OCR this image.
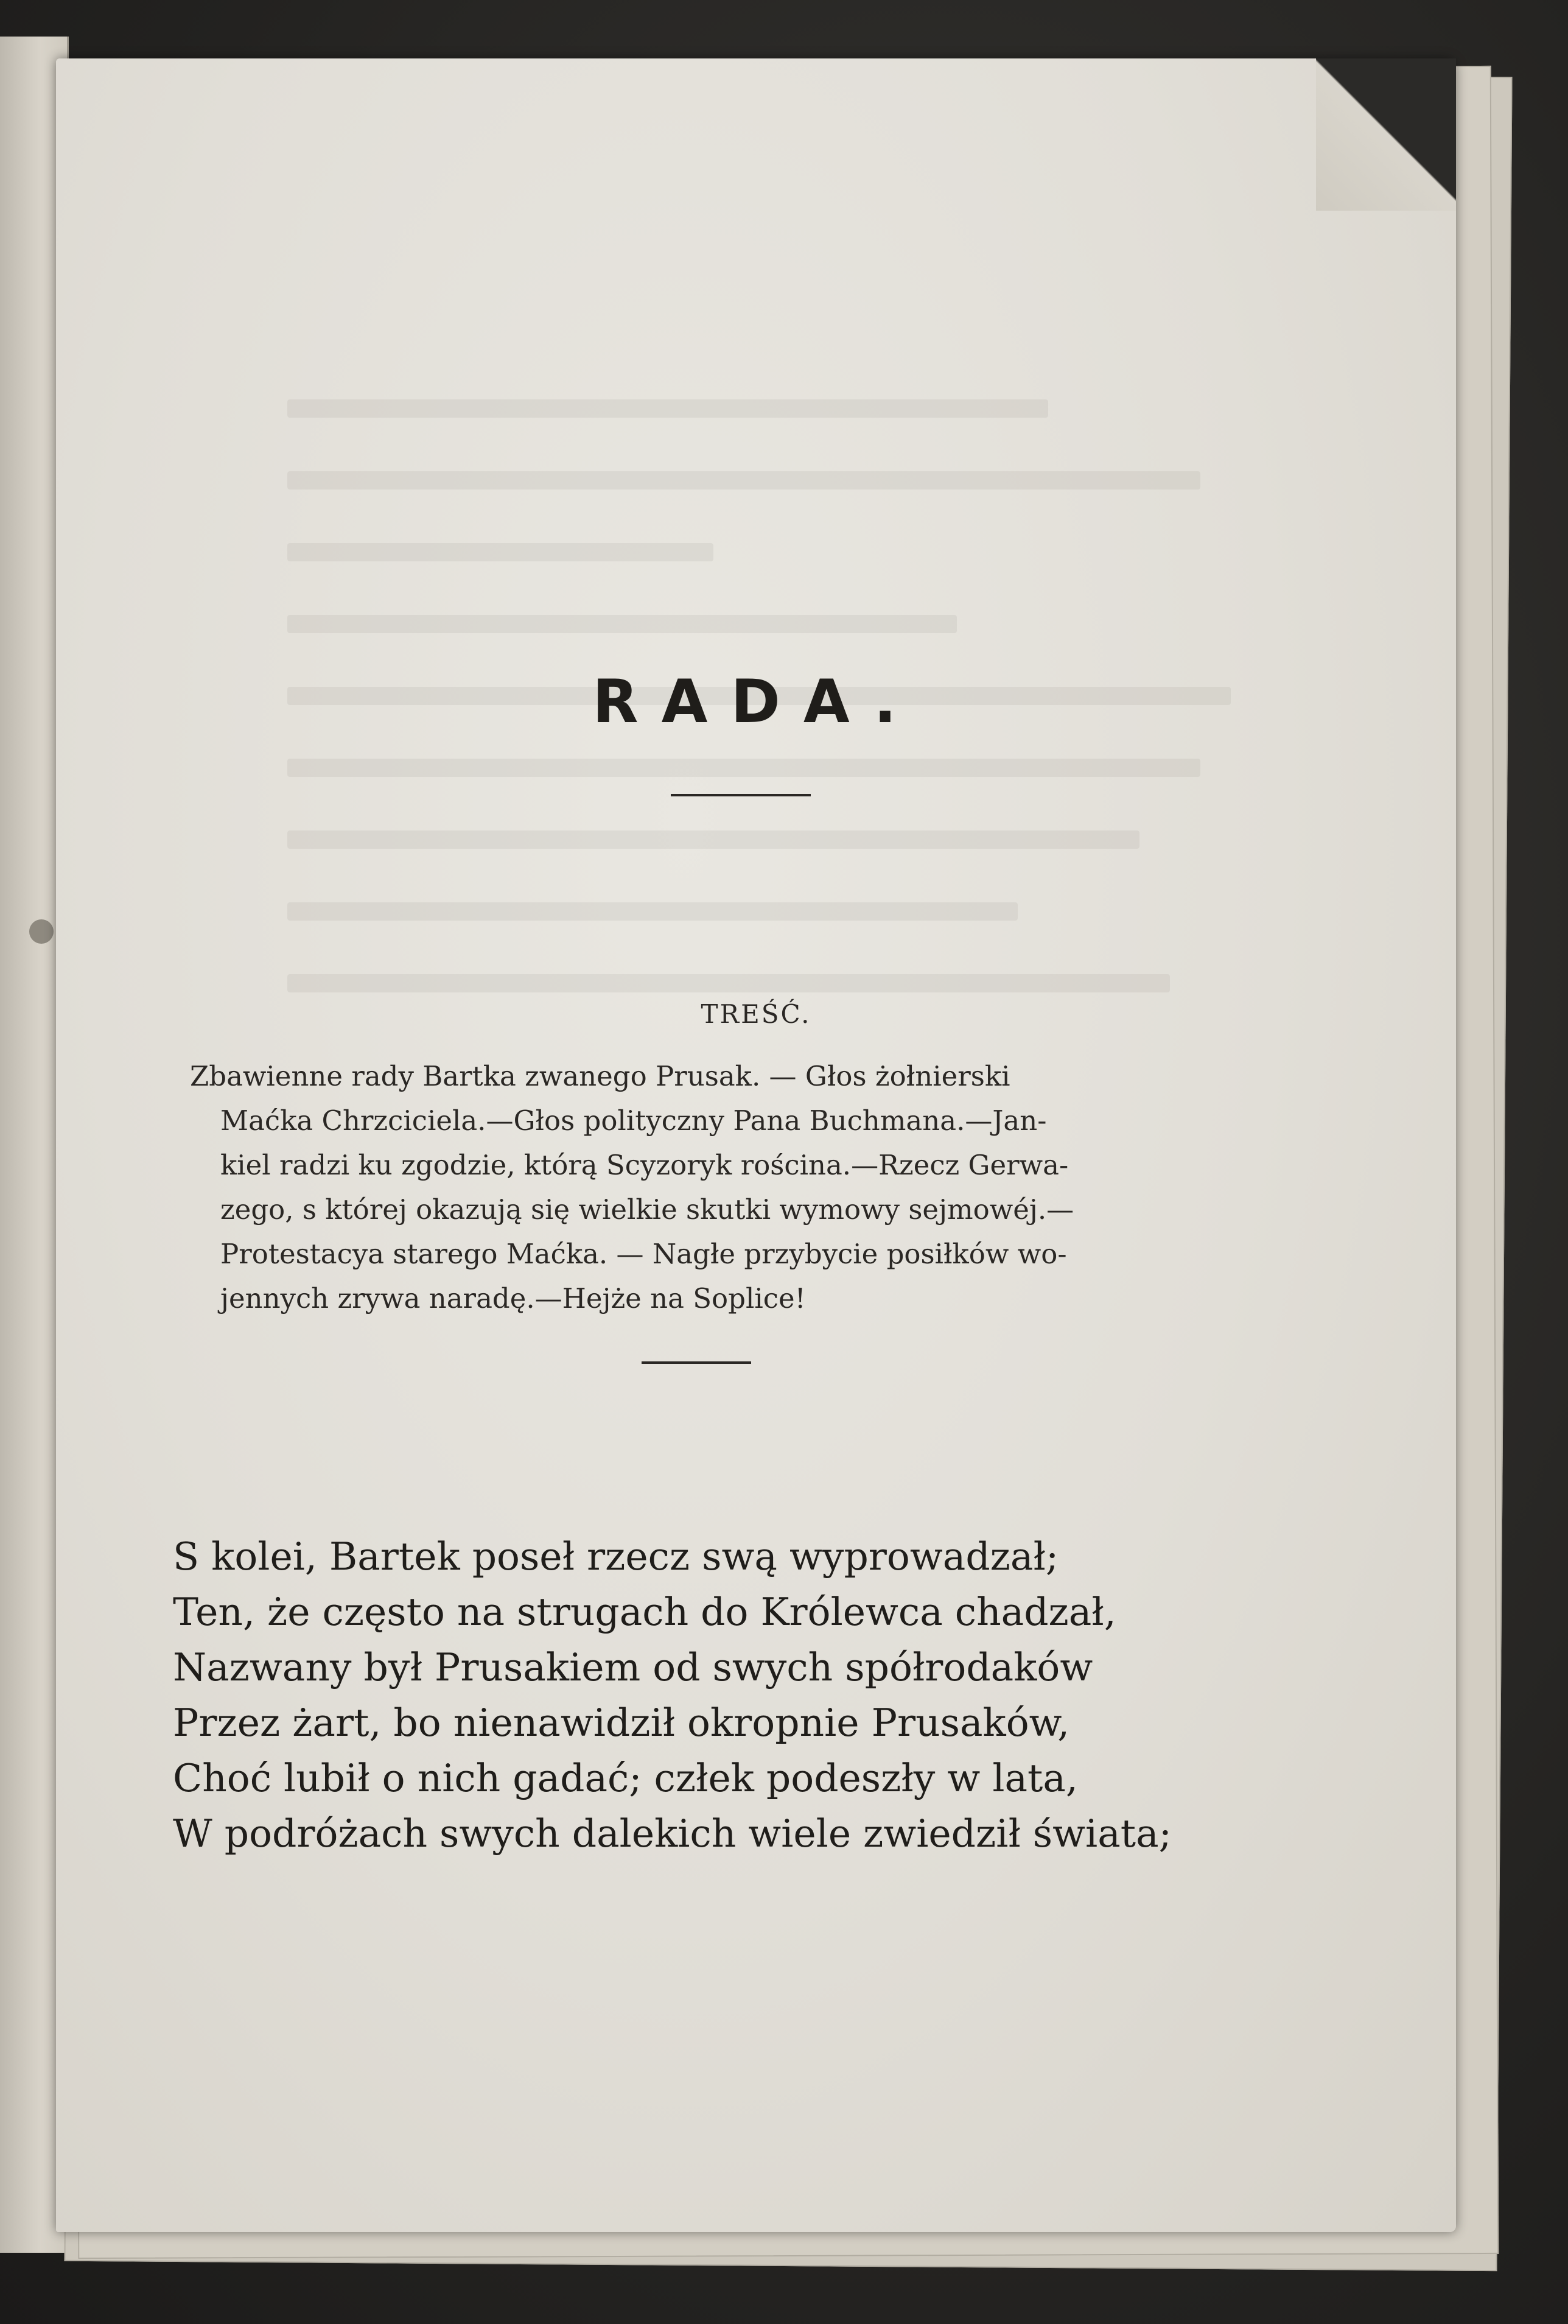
RADA.
TREŚĆ.
Zbawienne rady Bartka zwanego Prusak. — Głos żołnierski
Maćka Chrzciciela.—Głos polityczny Pana Buchmana.—Jan-
kiel radzi ku zgodzie, którą Scyzoryk rościna.—Rzecz Gerwa-
zego, s której okazują się wielkie skutki wymowy sejmowéj.—
Protestacya starego Maćka. — Nagłe przybycie posiłków wo-
jennych zrywa naradę.—Hejże na Soplice!
S kolei, Bartek poseł rzecz swą wyprowadzał;
Ten, że często na strugach do Królewca chadzał,
Nazwany był Prusakiem od swych spółrodaków
Przez żart, bo nienawidził okropnie Prusaków,
Choć lubił o nich gadać; człek podeszły w lata,
W podróżach swych dalekich wiele zwiedził świata;
